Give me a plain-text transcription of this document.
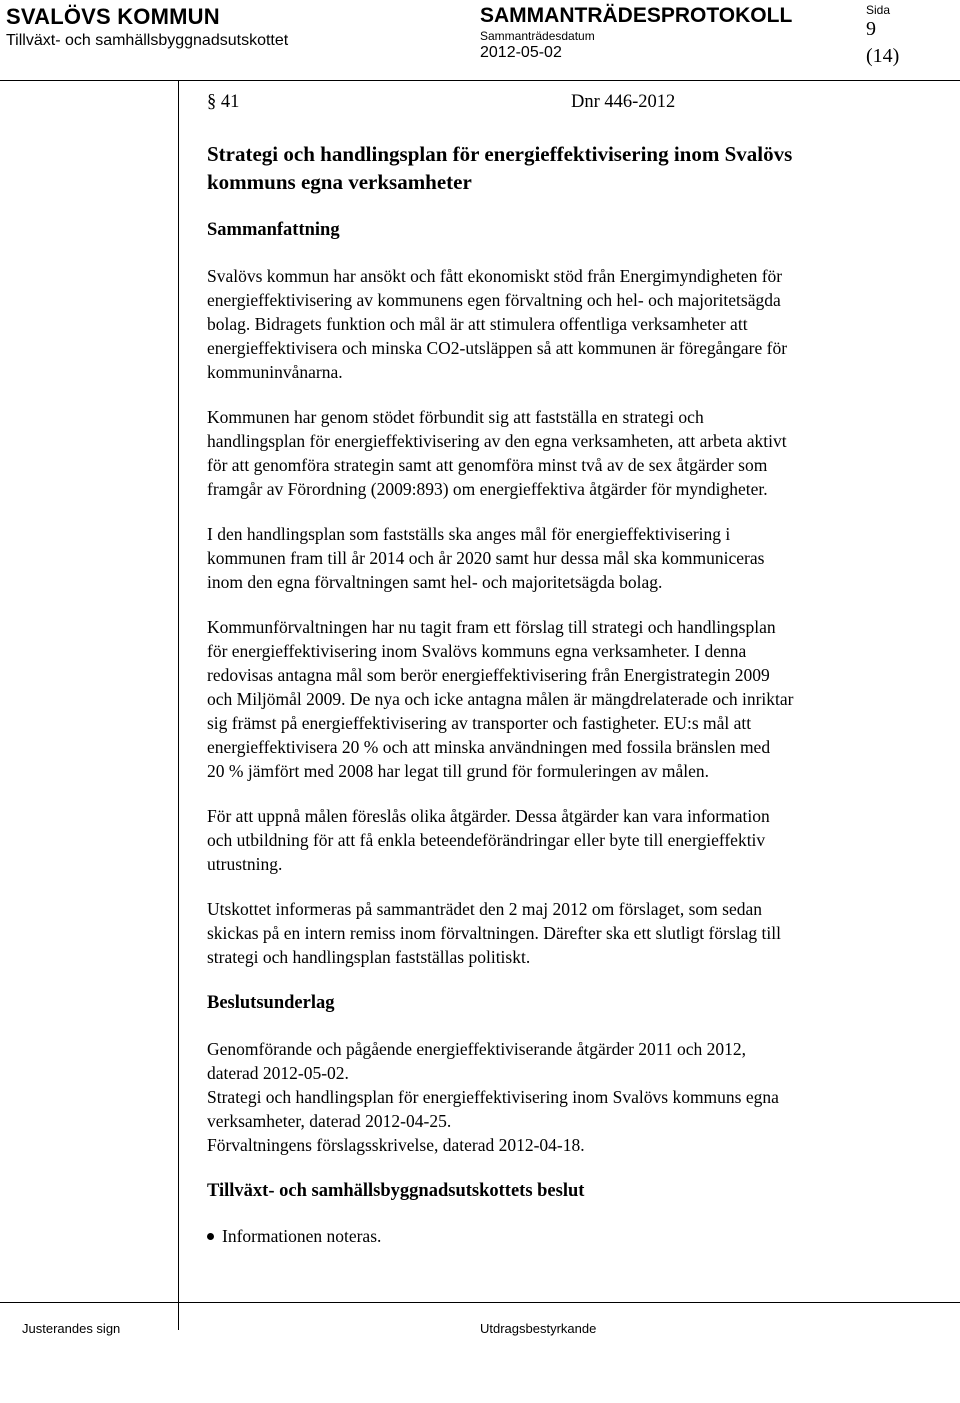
SVALÖVS KOMMUN
Tillväxt- och samhällsbyggnadsutskottet
SAMMANTRÄDESPROTOKOLL
Sammanträdesdatum
2012-05-02
Sida
9
(14)
§ 41	Dnr 446-2012
Strategi och handlingsplan för energieffektivisering inom Svalövs
kommuns egna verksamheter
Sammanfattning
Svalövs kommun har ansökt och fått ekonomiskt stöd från Energimyndigheten för
energieffektivisering av kommunens egen förvaltning och hel- och majoritetsägda
bolag. Bidragets funktion och mål är att stimulera offentliga verksamheter att
energieffektivisera och minska CO2-utsläppen så att kommunen är föregångare för
kommuninvånarna.
Kommunen har genom stödet förbundit sig att fastställa en strategi och
handlingsplan för energieffektivisering av den egna verksamheten, att arbeta aktivt
för att genomföra strategin samt att genomföra minst två av de sex åtgärder som
framgår av Förordning (2009:893) om energieffektiva åtgärder för myndigheter.
I den handlingsplan som fastställs ska anges mål för energieffektivisering i
kommunen fram till år 2014 och år 2020 samt hur dessa mål ska kommuniceras
inom den egna förvaltningen samt hel- och majoritetsägda bolag.
Kommunförvaltningen har nu tagit fram ett förslag till strategi och handlingsplan
för energieffektivisering inom Svalövs kommuns egna verksamheter. I denna
redovisas antagna mål som berör energieffektivisering från Energistrategin 2009
och Miljömål 2009. De nya och icke antagna målen är mängdrelaterade och inriktar
sig främst på energieffektivisering av transporter och fastigheter. EU:s mål att
energieffektivisera 20 % och att minska användningen med fossila bränslen med
20 % jämfört med 2008 har legat till grund för formuleringen av målen.
För att uppnå målen föreslås olika åtgärder. Dessa åtgärder kan vara information
och utbildning för att få enkla beteendeförändringar eller byte till energieffektiv
utrustning.
Utskottet informeras på sammanträdet den 2 maj 2012 om förslaget, som sedan
skickas på en intern remiss inom förvaltningen. Därefter ska ett slutligt förslag till
strategi och handlingsplan fastställas politiskt.
Beslutsunderlag
Genomförande och pågående energieffektiviserande åtgärder 2011 och 2012,
daterad 2012-05-02.
Strategi och handlingsplan för energieffektivisering inom Svalövs kommuns egna
verksamheter, daterad 2012-04-25.
Förvaltningens förslagsskrivelse, daterad 2012-04-18.
Tillväxt- och samhällsbyggnadsutskottets beslut
Informationen noteras.
Justerandes sign	Utdragsbestyrkande
